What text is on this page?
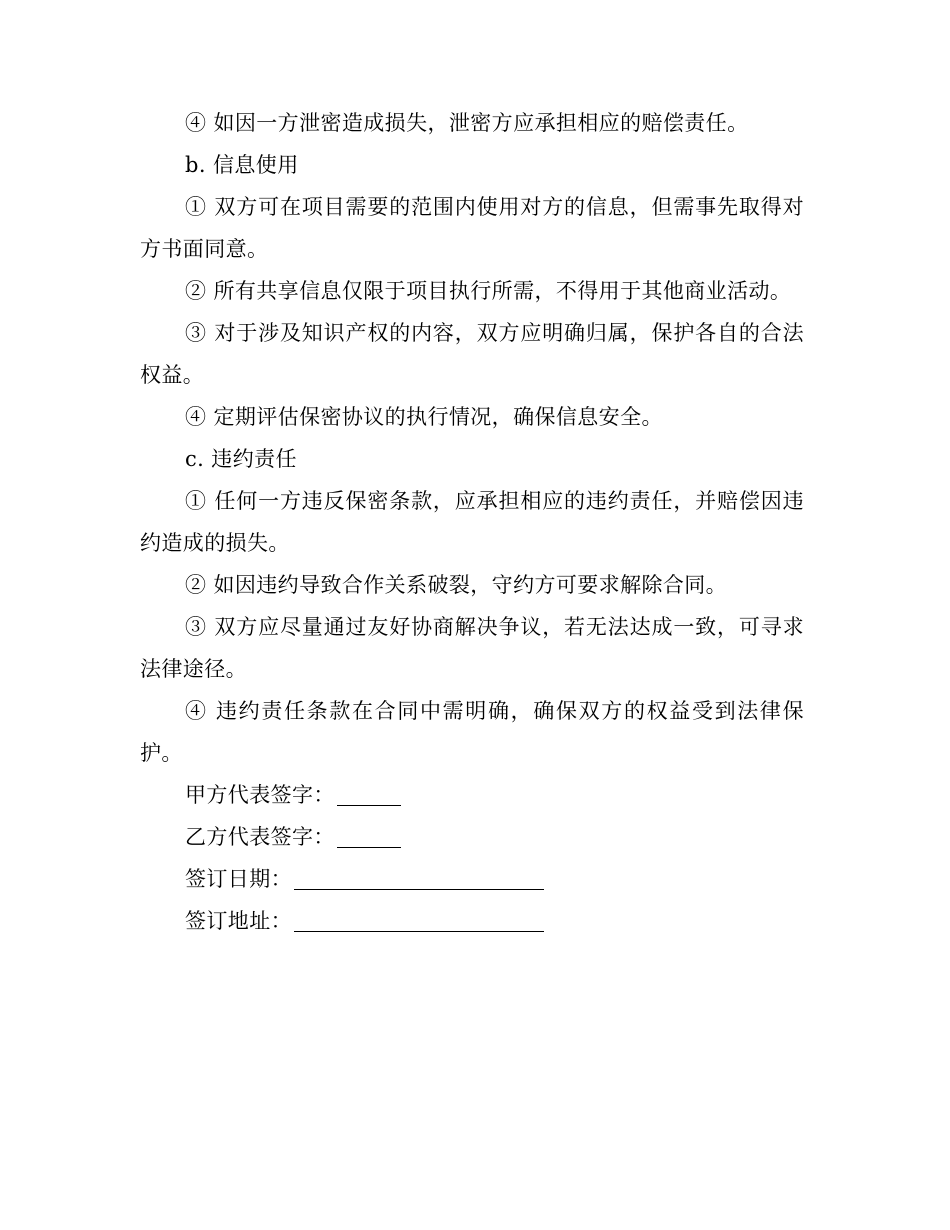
④ 如因一方泄密造成损失，泄密方应承担相应的赔偿责任。

b. 信息使用

① 双方可在项目需要的范围内使用对方的信息，但需事先取得对方书面同意。

② 所有共享信息仅限于项目执行所需，不得用于其他商业活动。

③ 对于涉及知识产权的内容，双方应明确归属，保护各自的合法权益。

④ 定期评估保密协议的执行情况，确保信息安全。

c. 违约责任

① 任何一方违反保密条款，应承担相应的违约责任，并赔偿因违约造成的损失。

② 如因违约导致合作关系破裂，守约方可要求解除合同。

③ 双方应尽量通过友好协商解决争议，若无法达成一致，可寻求法律途径。

④ 违约责任条款在合同中需明确，确保双方的权益受到法律保护。

甲方代表签字：

乙方代表签字：

签订日期：

签订地址：
